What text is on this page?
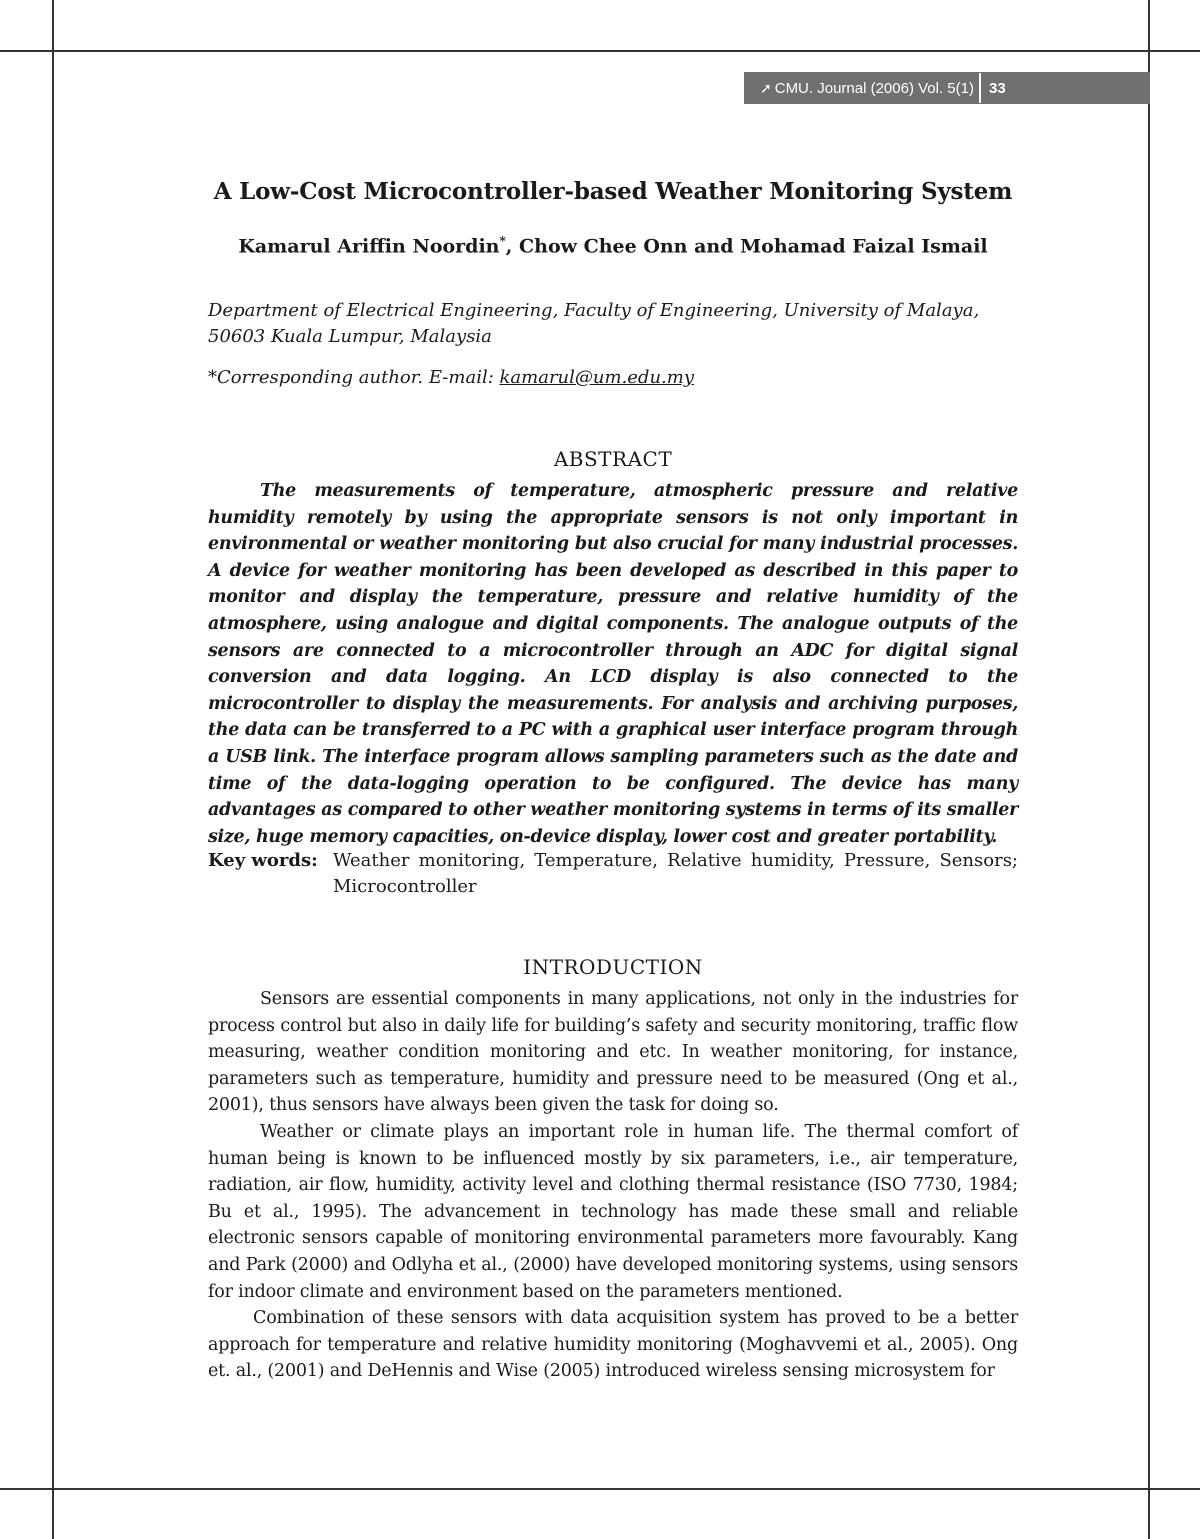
➚ CMU. Journal (2006) Vol. 5(1) 33
A Low-Cost Microcontroller-based Weather Monitoring System
Kamarul Ariffin Noordin*, Chow Chee Onn and Mohamad Faizal Ismail
Department of Electrical Engineering, Faculty of Engineering, University of Malaya, 50603 Kuala Lumpur, Malaysia
*Corresponding author. E-mail: kamarul@um.edu.my
ABSTRACT
The measurements of temperature, atmospheric pressure and relative humidity remotely by using the appropriate sensors is not only important in environmental or weather monitoring but also crucial for many industrial processes. A device for weather monitoring has been developed as described in this paper to monitor and display the temperature, pressure and relative humidity of the atmosphere, using analogue and digital components. The analogue outputs of the sensors are connected to a microcontroller through an ADC for digital signal conversion and data logging. An LCD display is also connected to the microcontroller to display the measurements. For analysis and archiving purposes, the data can be transferred to a PC with a graphical user interface program through a USB link. The interface program allows sampling parameters such as the date and time of the data-logging operation to be configured. The device has many advantages as compared to other weather monitoring systems in terms of its smaller size, huge memory capacities, on-device display, lower cost and greater portability.
Key words: Weather monitoring, Temperature, Relative humidity, Pressure, Sensors; Microcontroller
INTRODUCTION

Sensors are essential components in many applications, not only in the industries for process control but also in daily life for building’s safety and security monitoring, traffic flow measuring, weather condition monitoring and etc. In weather monitoring, for instance, parameters such as temperature, humidity and pressure need to be measured (Ong et al., 2001), thus sensors have always been given the task for doing so.

Weather or climate plays an important role in human life. The thermal comfort of human being is known to be influenced mostly by six parameters, i.e., air temperature, radiation, air flow, humidity, activity level and clothing thermal resistance (ISO 7730, 1984; Bu et al., 1995). The advancement in technology has made these small and reliable electronic sensors capable of monitoring environmental parameters more favourably. Kang and Park (2000) and Odlyha et al., (2000) have developed monitoring systems, using sensors for indoor climate and environment based on the parameters mentioned.

Combination of these sensors with data acquisition system has proved to be a better approach for temperature and relative humidity monitoring (Moghavvemi et al., 2005). Ong et. al., (2001) and DeHennis and Wise (2005) introduced wireless sensing microsystem for
